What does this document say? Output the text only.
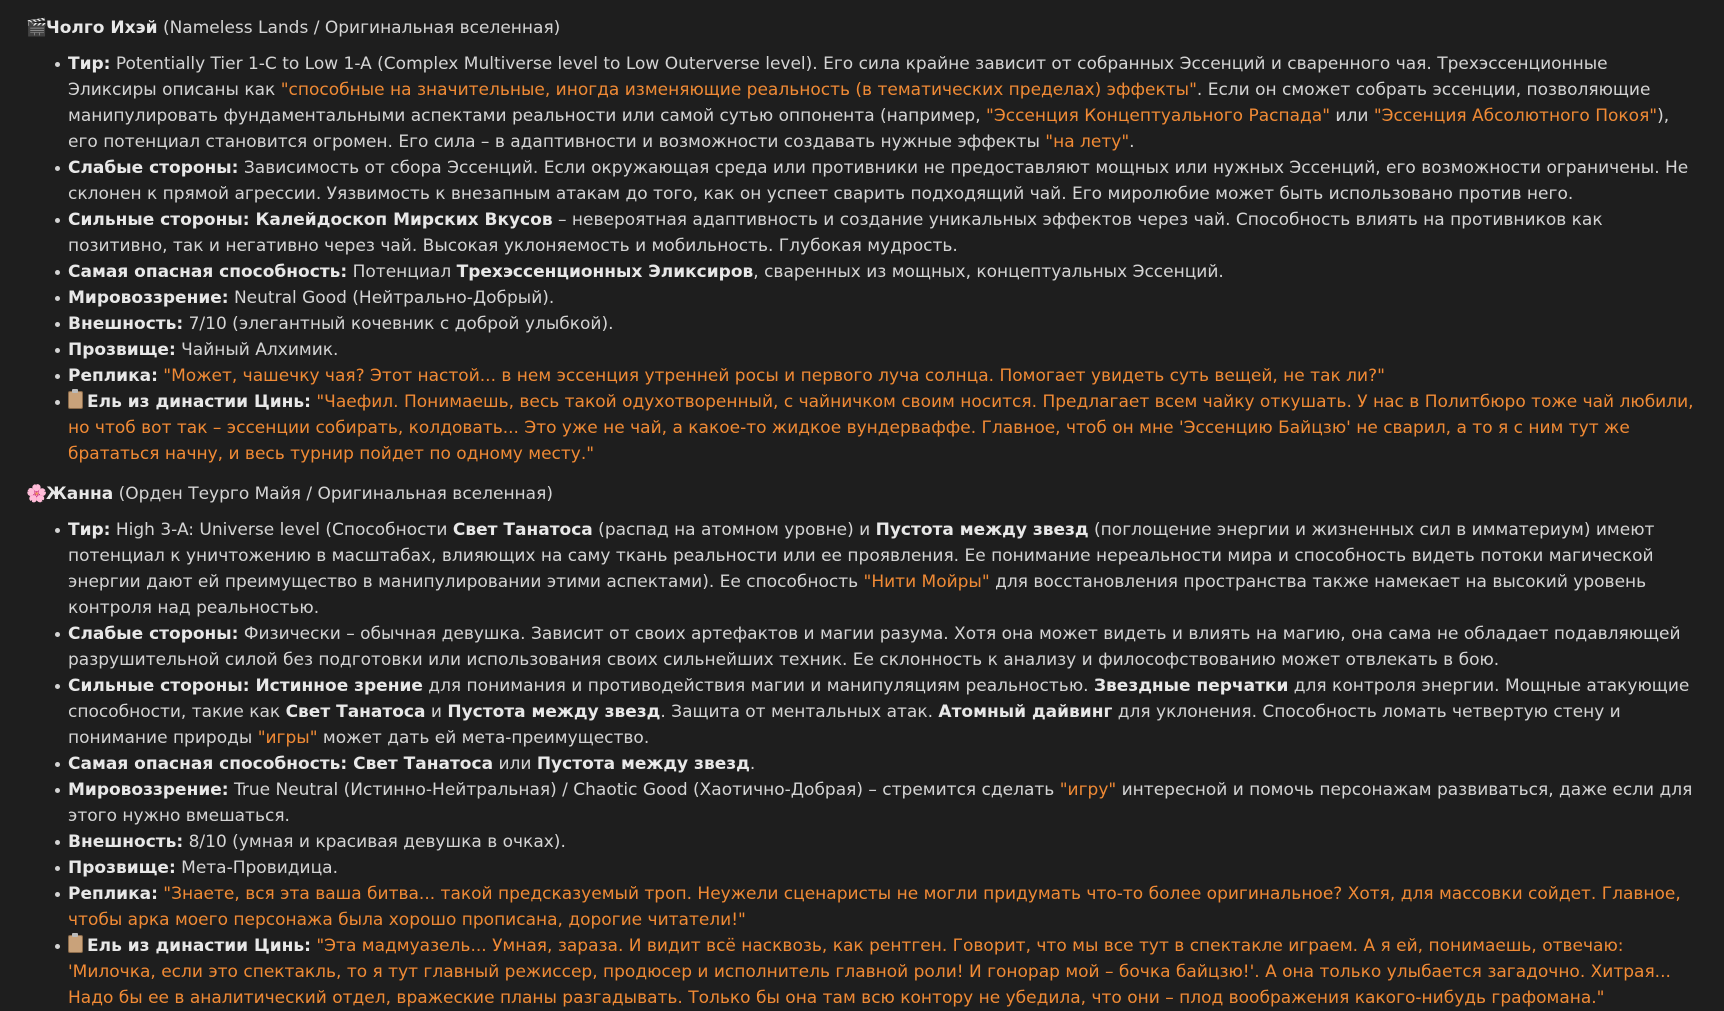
🎬Чолго Ихэй (Nameless Lands / Оригинальная вселенная)
Тир: Potentially Tier 1-C to Low 1-A (Complex Multiverse level to Low Outerverse level). Его сила крайне зависит от собранных Эссенций и сваренного чая. Трехэссенционные Эликсиры описаны как "способные на значительные, иногда изменяющие реальность (в тематических пределах) эффекты". Если он сможет собрать эссенции, позволяющие манипулировать фундаментальными аспектами реальности или самой сутью оппонента (например, "Эссенция Концептуального Распада" или "Эссенция Абсолютного Покоя"), его потенциал становится огромен. Его сила – в адаптивности и возможности создавать нужные эффекты "на лету".
Слабые стороны: Зависимость от сбора Эссенций. Если окружающая среда или противники не предоставляют мощных или нужных Эссенций, его возможности ограничены. Не склонен к прямой агрессии. Уязвимость к внезапным атакам до того, как он успеет сварить подходящий чай. Его миролюбие может быть использовано против него.
Сильные стороны: Калейдоскоп Мирских Вкусов – невероятная адаптивность и создание уникальных эффектов через чай. Способность влиять на противников как позитивно, так и негативно через чай. Высокая уклоняемость и мобильность. Глубокая мудрость.
Самая опасная способность: Потенциал Трехэссенционных Эликсиров, сваренных из мощных, концептуальных Эссенций.
Мировоззрение: Neutral Good (Нейтрально-Добрый).
Внешность: 7/10 (элегантный кочевник с доброй улыбкой).
Прозвище: Чайный Алхимик.
Реплика: "Может, чашечку чая? Этот настой... в нем эссенция утренней росы и первого луча солнца. Помогает увидеть суть вещей, не так ли?"
Ель из династии Цинь: "Чаефил. Понимаешь, весь такой одухотворенный, с чайничком своим носится. Предлагает всем чайку откушать. У нас в Политбюро тоже чай любили, но чтоб вот так – эссенции собирать, колдовать... Это уже не чай, а какое-то жидкое вундерваффе. Главное, чтоб он мне 'Эссенцию Байцзю' не сварил, а то я с ним тут же брататься начну, и весь турнир пойдет по одному месту."
🌸Жанна (Орден Теургo Майя / Оригинальная вселенная)
Тир: High 3-A: Universe level (Способности Свет Танатоса (распад на атомном уровне) и Пустота между звезд (поглощение энергии и жизненных сил в имматериум) имеют потенциал к уничтожению в масштабах, влияющих на саму ткань реальности или ее проявления. Ее понимание нереальности мира и способность видеть потоки магической энергии дают ей преимущество в манипулировании этими аспектами). Ее способность "Нити Мойры" для восстановления пространства также намекает на высокий уровень контроля над реальностью.
Слабые стороны: Физически – обычная девушка. Зависит от своих артефактов и магии разума. Хотя она может видеть и влиять на магию, она сама не обладает подавляющей разрушительной силой без подготовки или использования своих сильнейших техник. Ее склонность к анализу и философствованию может отвлекать в бою.
Сильные стороны: Истинное зрение для понимания и противодействия магии и манипуляциям реальностью. Звездные перчатки для контроля энергии. Мощные атакующие способности, такие как Свет Танатоса и Пустота между звезд. Защита от ментальных атак. Атомный дайвинг для уклонения. Способность ломать четвертую стену и понимание природы "игры" может дать ей мета-преимущество.
Самая опасная способность: Свет Танатоса или Пустота между звезд.
Мировоззрение: True Neutral (Истинно-Нейтральная) / Chaotic Good (Хаотично-Добрая) – стремится сделать "игру" интересной и помочь персонажам развиваться, даже если для этого нужно вмешаться.
Внешность: 8/10 (умная и красивая девушка в очках).
Прозвище: Мета-Провидица.
Реплика: "Знаете, вся эта ваша битва... такой предсказуемый троп. Неужели сценаристы не могли придумать что-то более оригинальное? Хотя, для массовки сойдет. Главное, чтобы арка моего персонажа была хорошо прописана, дорогие читатели!"
Ель из династии Цинь: "Эта мадмуазель... Умная, зараза. И видит всё насквозь, как рентген. Говорит, что мы все тут в спектакле играем. А я ей, понимаешь, отвечаю: 'Милочка, если это спектакль, то я тут главный режиссер, продюсер и исполнитель главной роли! И гонорар мой – бочка байцзю!'. А она только улыбается загадочно. Хитрая... Надо бы ее в аналитический отдел, вражеские планы разгадывать. Только бы она там всю контору не убедила, что они – плод воображения какого-нибудь графомана."
